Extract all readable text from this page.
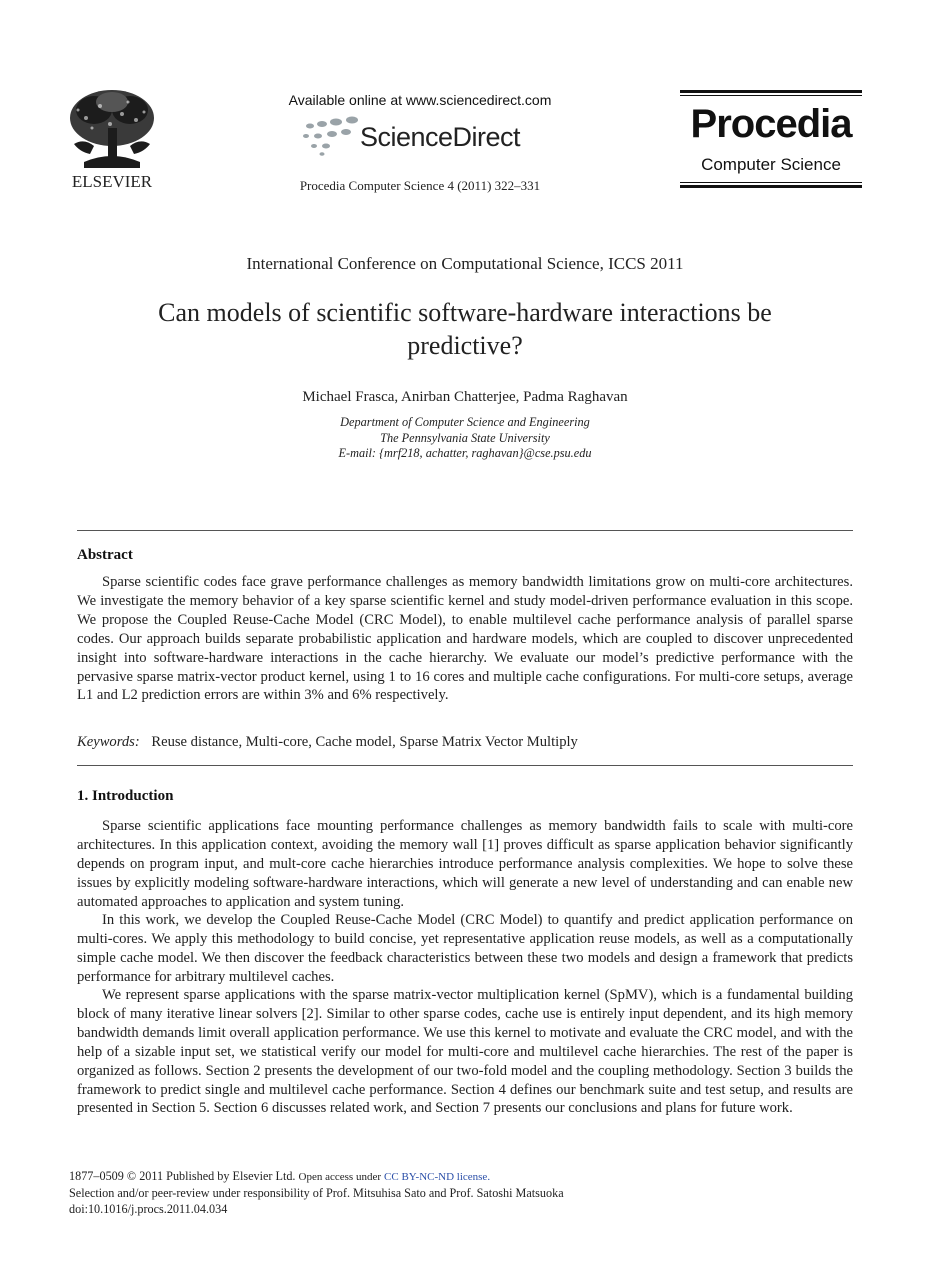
ELSEVIER
Available online at www.sciencedirect.com
ScienceDirect
Procedia Computer Science 4 (2011) 322–331
Procedia
Computer Science
International Conference on Computational Science, ICCS 2011
Can models of scientific software-hardware interactions be predictive?
Michael Frasca, Anirban Chatterjee, Padma Raghavan
Department of Computer Science and Engineering
The Pennsylvania State University
E-mail: {mrf218, achatter, raghavan}@cse.psu.edu
Abstract
Sparse scientific codes face grave performance challenges as memory bandwidth limitations grow on multi-core architectures. We investigate the memory behavior of a key sparse scientific kernel and study model-driven performance evaluation in this scope. We propose the Coupled Reuse-Cache Model (CRC Model), to enable multilevel cache performance analysis of parallel sparse codes. Our approach builds separate probabilistic application and hardware models, which are coupled to discover unprecedented insight into software-hardware interactions in the cache hierarchy. We evaluate our model’s predictive performance with the pervasive sparse matrix-vector product kernel, using 1 to 16 cores and multiple cache configurations. For multi-core setups, average L1 and L2 prediction errors are within 3% and 6% respectively.
Keywords: Reuse distance, Multi-core, Cache model, Sparse Matrix Vector Multiply
1. Introduction
Sparse scientific applications face mounting performance challenges as memory bandwidth fails to scale with multi-core architectures. In this application context, avoiding the memory wall [1] proves difficult as sparse application behavior significantly depends on program input, and mult-core cache hierarchies introduce performance analysis complexities. We hope to solve these issues by explicitly modeling software-hardware interactions, which will generate a new level of understanding and can enable new automated approaches to application and system tuning.
In this work, we develop the Coupled Reuse-Cache Model (CRC Model) to quantify and predict application performance on multi-cores. We apply this methodology to build concise, yet representative application reuse models, as well as a computationally simple cache model. We then discover the feedback characteristics between these two models and design a framework that predicts performance for arbitrary multilevel caches.
We represent sparse applications with the sparse matrix-vector multiplication kernel (SpMV), which is a fundamental building block of many iterative linear solvers [2]. Similar to other sparse codes, cache use is entirely input dependent, and its high memory bandwidth demands limit overall application performance. We use this kernel to motivate and evaluate the CRC model, and with the help of a sizable input set, we statistical verify our model for multi-core and multilevel cache hierarchies. The rest of the paper is organized as follows. Section 2 presents the development of our two-fold model and the coupling methodology. Section 3 builds the framework to predict single and multilevel cache performance. Section 4 defines our benchmark suite and test setup, and results are presented in Section 5. Section 6 discusses related work, and Section 7 presents our conclusions and plans for future work.
1877–0509 © 2011 Published by Elsevier Ltd. Open access under CC BY-NC-ND license.
Selection and/or peer-review under responsibility of Prof. Mitsuhisa Sato and Prof. Satoshi Matsuoka
doi:10.1016/j.procs.2011.04.034
